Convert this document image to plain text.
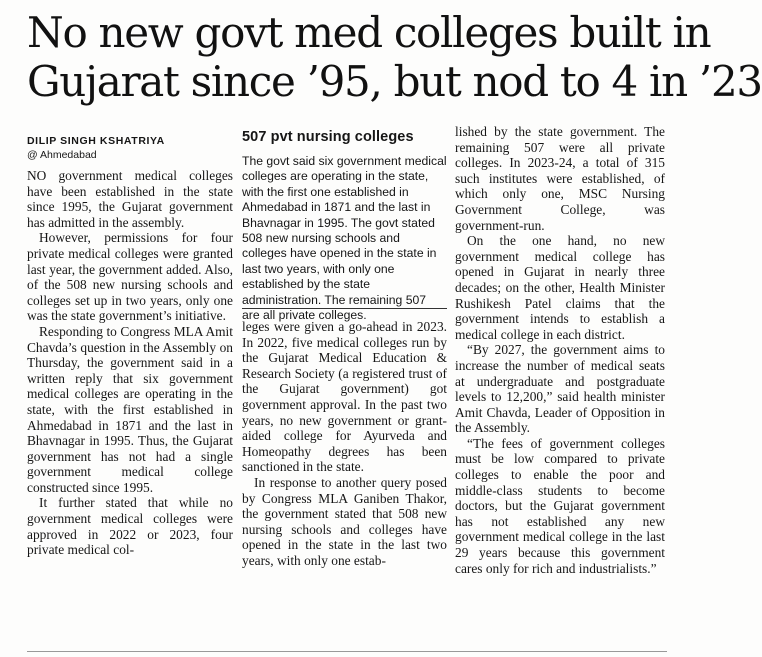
No new govt med colleges built in
Gujarat since ’95, but nod to 4 in ’23
DILIP SINGH KSHATRIYA
@ Ahmedabad

NO government medical colleges have been established in the state since 1995, the Gujarat government has admitted in the assembly.

However, permissions for four private medical colleges were granted last year, the government added. Also, of the 508 new nursing schools and colleges set up in two years, only one was the state government’s initiative.

Responding to Congress MLA Amit Chavda’s question in the Assembly on Thursday, the government said in a written reply that six government medical colleges are operating in the state, with the first established in Ahmedabad in 1871 and the last in Bhavnagar in 1995. Thus, the Gujarat government has not had a single government medical college constructed since 1995.

It further stated that while no government medical colleges were approved in 2022 or 2023, four private medical col-

507 pvt nursing colleges

The govt said six government medical colleges are operating in the state, with the first one established in Ahmedabad in 1871 and the last in Bhavnagar in 1995. The govt stated 508 new nursing schools and colleges have opened in the state in last two years, with only one established by the state administration. The remaining 507 are all private colleges.

leges were given a go-ahead in 2023. In 2022, five medical colleges run by the Gujarat Medical Education & Research Society (a registered trust of the Gujarat government) got government approval. In the past two years, no new government or grant-aided college for Ayurveda and Homeopathy degrees has been sanctioned in the state.

In response to another query posed by Congress MLA Ganiben Thakor, the government stated that 508 new nursing schools and colleges have opened in the state in the last two years, with only one estab-

lished by the state government. The remaining 507 were all private colleges. In 2023-24, a total of 315 such institutes were established, of which only one, MSC Nursing Government College, was government-run.

On the one hand, no new government medical college has opened in Gujarat in nearly three decades; on the other, Health Minister Rushikesh Patel claims that the government intends to establish a medical college in each district.

“By 2027, the government aims to increase the number of medical seats at undergraduate and postgraduate levels to 12,200,” said health minister Amit Chavda, Leader of Opposition in the Assembly.

“The fees of government colleges must be low compared to private colleges to enable the poor and middle-class students to become doctors, but the Gujarat government has not established any new government medical college in the last 29 years because this government cares only for rich and industrialists.”
